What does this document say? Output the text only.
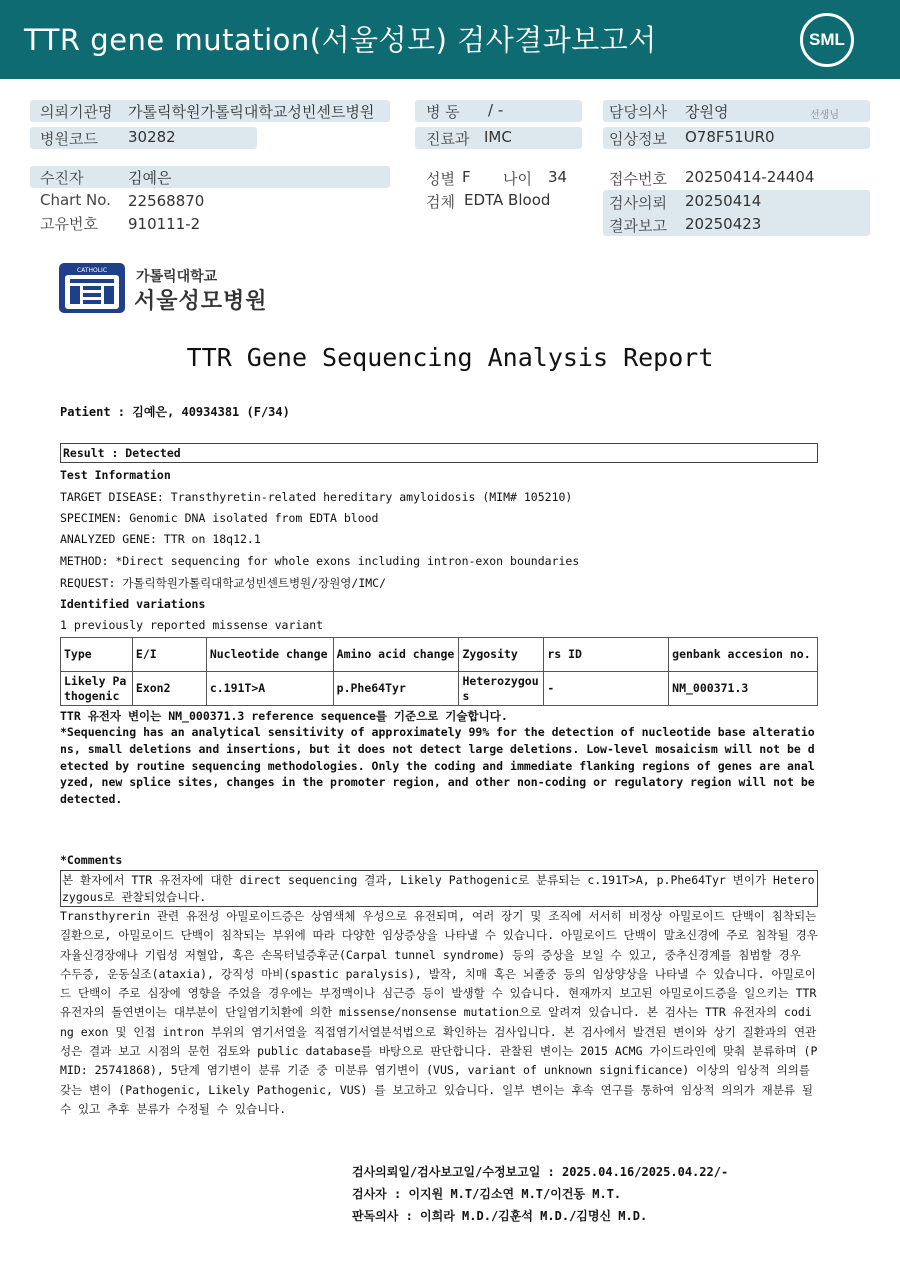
TTR gene mutation(서울성모) 검사결과보고서	SML
의뢰기관명 가톨릭학원가톨릭대학교성빈센트병원
병원코드 30282
병 동 / -
진료과 IMC
담당의사 장원영	선생님
임상정보 O78F51UR0
수진자	김예은
Chart No. 22568870
고유번호 910111-2
성별 F 나이 34
검체 EDTA Blood
접수번호 20250414-24404
검사의뢰 20250414
결과보고 20250423
CATHOLIC 가톨릭대학교
서울성모병원
TTR Gene Sequencing Analysis Report
Patient : 김예은, 40934381 (F/34)
Result : Detected
Test Information
TARGET DISEASE: Transthyretin-related hereditary amyloidosis (MIM# 105210)
SPECIMEN: Genomic DNA isolated from EDTA blood
ANALYZED GENE: TTR on 18q12.1
METHOD: *Direct sequencing for whole exons including intron-exon boundaries
REQUEST: 가톨릭학원가톨릭대학교성빈센트병원/장원영/IMC/
Identified variations
1 previously reported missense variant
Type	E/I	Nucleotide change	Amino acid change	Zygosity	rs ID	genbank accesion no.
Likely Pathogenic	Exon2	c.191T>A	p.Phe64Tyr	Heterozygous	-	NM_000371.3
TTR 유전자 변이는 NM_000371.3 reference sequence를 기준으로 기술합니다.
*Sequencing has an analytical sensitivity of approximately 99% for the detection of nucleotide base alterations, small deletions and insertions, but it does not detect large deletions. Low-level mosaicism will not be detected by routine sequencing methodologies. Only the coding and immediate flanking regions of genes are analyzed, new splice sites, changes in the promoter region, and other non-coding or regulatory region will not be detected.
*Comments
본 환자에서 TTR 유전자에 대한 direct sequencing 결과, Likely Pathogenic로 분류되는 c.191T>A, p.Phe64Tyr 변이가 Heterozygous로 관찰되었습니다.
Transthyrerin 관련 유전성 아밀로이드증은 상염색체 우성으로 유전되며, 여러 장기 및 조직에 서서히 비정상 아밀로이드 단백이 침착되는 질환으로, 아밀로이드 단백이 침착되는 부위에 따라 다양한 임상증상을 나타낼 수 있습니다. 아밀로이드 단백이 말초신경에 주로 침착될 경우 자율신경장애나 기립성 저혈압, 혹은 손목터널증후군(Carpal tunnel syndrome) 등의 증상을 보일 수 있고, 중추신경계를 침범할 경우 수두증, 운동실조(ataxia), 강직성 마비(spastic paralysis), 발작, 치매 혹은 뇌졸중 등의 임상양상을 나타낼 수 있습니다. 아밀로이드 단백이 주로 심장에 영향을 주었을 경우에는 부정맥이나 심근증 등이 발생할 수 있습니다. 현재까지 보고된 아밀로이드증을 일으키는 TTR 유전자의 돌연변이는 대부분이 단일염기치환에 의한 missense/nonsense mutation으로 알려져 있습니다. 본 검사는 TTR 유전자의 coding exon 및 인접 intron 부위의 염기서열을 직접염기서열분석법으로 확인하는 검사입니다. 본 검사에서 발견된 변이와 상기 질환과의 연관성은 결과 보고 시점의 문헌 검토와 public database를 바탕으로 판단합니다. 관찰된 변이는 2015 ACMG 가이드라인에 맞춰 분류하며 (PMID: 25741868), 5단계 염기변이 분류 기준 중 미분류 염기변이 (VUS, variant of unknown significance) 이상의 임상적 의의를 갖는 변이 (Pathogenic, Likely Pathogenic, VUS) 를 보고하고 있습니다. 일부 변이는 후속 연구를 통하여 임상적 의의가 재분류 될 수 있고 추후 분류가 수정될 수 있습니다.
검사의뢰일/검사보고일/수정보고일 : 2025.04.16/2025.04.22/-
검사자 : 이지원 M.T/김소연 M.T/이건동 M.T.
판독의사 : 이희라 M.D./김훈석 M.D./김명신 M.D.
